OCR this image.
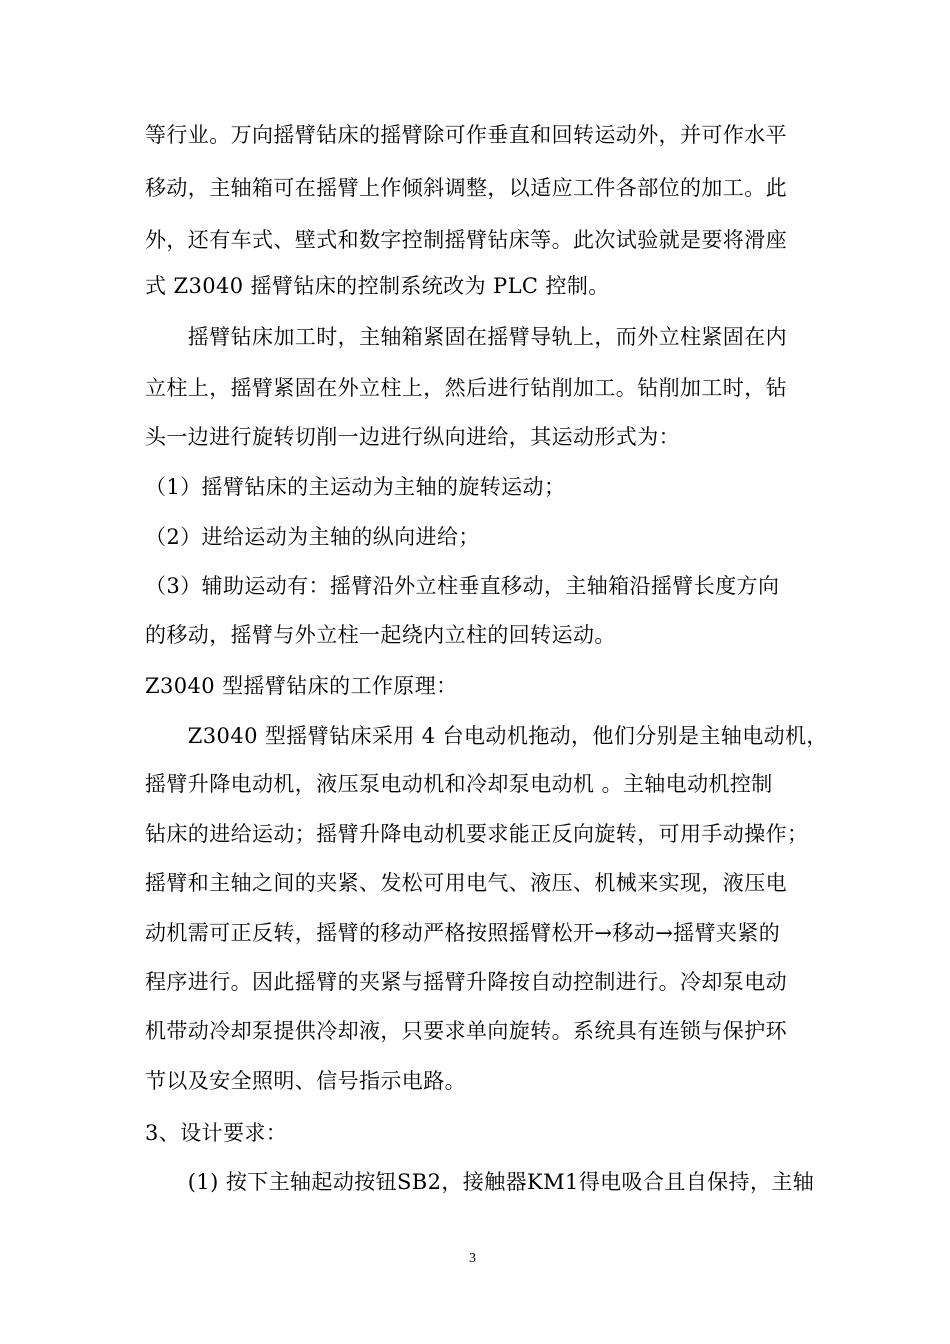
等行业。万向摇臂钻床的摇臂除可作垂直和回转运动外，并可作水平
移动，主轴箱可在摇臂上作倾斜调整，以适应工件各部位的加工。此
外，还有车式、壁式和数字控制摇臂钻床等。此次试验就是要将滑座
式 Z3040 摇臂钻床的控制系统改为 PLC 控制。
　　摇臂钻床加工时，主轴箱紧固在摇臂导轨上，而外立柱紧固在内
立柱上，摇臂紧固在外立柱上，然后进行钻削加工。钻削加工时，钻
头一边进行旋转切削一边进行纵向进给，其运动形式为：
（1）摇臂钻床的主运动为主轴的旋转运动；
（2）进给运动为主轴的纵向进给；
（3）辅助运动有：摇臂沿外立柱垂直移动，主轴箱沿摇臂长度方向
的移动，摇臂与外立柱一起绕内立柱的回转运动。
Z3040 型摇臂钻床的工作原理：
　　Z3040 型摇臂钻床采用 4 台电动机拖动，他们分别是主轴电动机，
摇臂升降电动机，液压泵电动机和冷却泵电动机 。主轴电动机控制
钻床的进给运动；摇臂升降电动机要求能正反向旋转，可用手动操作；
摇臂和主轴之间的夹紧、发松可用电气、液压、机械来实现，液压电
动机需可正反转，摇臂的移动严格按照摇臂松开→移动→摇臂夹紧的
程序进行。因此摇臂的夹紧与摇臂升降按自动控制进行。冷却泵电动
机带动冷却泵提供冷却液，只要求单向旋转。系统具有连锁与保护环
节以及安全照明、信号指示电路。
3、设计要求：
　　(1) 按下主轴起动按钮SB2，接触器KM1得电吸合且自保持，主轴
3
